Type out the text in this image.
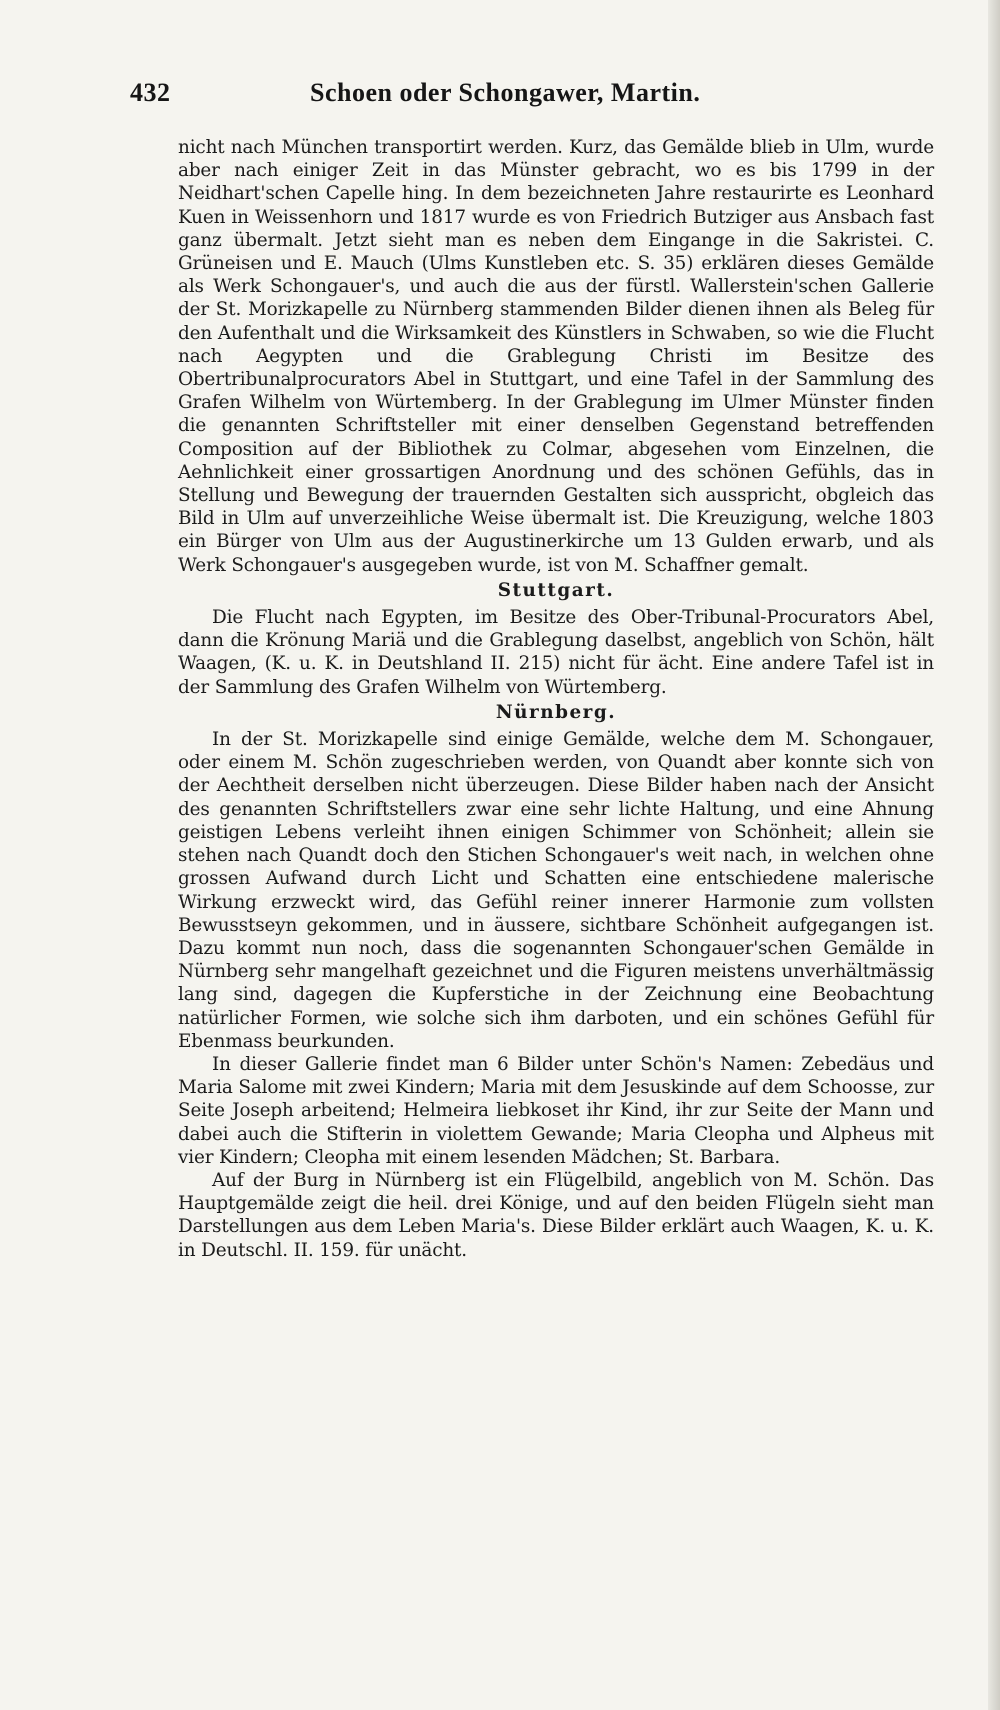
432	Schoen oder Schongawer, Martin.

nicht nach München transportirt werden. Kurz, das Gemälde blieb in Ulm, wurde aber nach einiger Zeit in das Münster gebracht, wo es bis 1799 in der Neidhart'schen Capelle hing. In dem bezeichneten Jahre restaurirte es Leonhard Kuen in Weissenhorn und 1817 wurde es von Friedrich Butziger aus Ansbach fast ganz übermalt. Jetzt sieht man es neben dem Eingange in die Sakristei. C. Grüneisen und E. Mauch (Ulms Kunstleben etc. S. 35) erklären dieses Gemälde als Werk Schongauer's, und auch die aus der fürstl. Wallerstein'schen Gallerie der St. Morizkapelle zu Nürnberg stammenden Bilder dienen ihnen als Beleg für den Aufenthalt und die Wirksamkeit des Künstlers in Schwaben, so wie die Flucht nach Aegypten und die Grablegung Christi im Besitze des Obertribunalprocurators Abel in Stuttgart, und eine Tafel in der Sammlung des Grafen Wilhelm von Würtemberg. In der Grablegung im Ulmer Münster finden die genannten Schriftsteller mit einer denselben Gegenstand betreffenden Composition auf der Bibliothek zu Colmar, abgesehen vom Einzelnen, die Aehnlichkeit einer grossartigen Anordnung und des schönen Gefühls, das in Stellung und Bewegung der trauernden Gestalten sich ausspricht, obgleich das Bild in Ulm auf unverzeihliche Weise übermalt ist. Die Kreuzigung, welche 1803 ein Bürger von Ulm aus der Augustinerkirche um 13 Gulden erwarb, und als Werk Schongauer's ausgegeben wurde, ist von M. Schaffner gemalt.

Stuttgart.

Die Flucht nach Egypten, im Besitze des Ober-Tribunal-Procurators Abel, dann die Krönung Mariä und die Grablegung daselbst, angeblich von Schön, hält Waagen, (K. u. K. in Deutshland II. 215) nicht für ächt. Eine andere Tafel ist in der Sammlung des Grafen Wilhelm von Würtemberg.

Nürnberg.

In der St. Morizkapelle sind einige Gemälde, welche dem M. Schongauer, oder einem M. Schön zugeschrieben werden, von Quandt aber konnte sich von der Aechtheit derselben nicht überzeugen. Diese Bilder haben nach der Ansicht des genannten Schriftstellers zwar eine sehr lichte Haltung, und eine Ahnung geistigen Lebens verleiht ihnen einigen Schimmer von Schönheit; allein sie stehen nach Quandt doch den Stichen Schongauer's weit nach, in welchen ohne grossen Aufwand durch Licht und Schatten eine entschiedene malerische Wirkung erzweckt wird, das Gefühl reiner innerer Harmonie zum vollsten Bewusstseyn gekommen, und in äussere, sichtbare Schönheit aufgegangen ist. Dazu kommt nun noch, dass die sogenannten Schongauer'schen Gemälde in Nürnberg sehr mangelhaft gezeichnet und die Figuren meistens unverhältmässig lang sind, dagegen die Kupferstiche in der Zeichnung eine Beobachtung natürlicher Formen, wie solche sich ihm darboten, und ein schönes Gefühl für Ebenmass beurkunden.

In dieser Gallerie findet man 6 Bilder unter Schön's Namen: Zebedäus und Maria Salome mit zwei Kindern; Maria mit dem Jesuskinde auf dem Schoosse, zur Seite Joseph arbeitend; Helmeira liebkoset ihr Kind, ihr zur Seite der Mann und dabei auch die Stifterin in violettem Gewande; Maria Cleopha und Alpheus mit vier Kindern; Cleopha mit einem lesenden Mädchen; St. Barbara.

Auf der Burg in Nürnberg ist ein Flügelbild, angeblich von M. Schön. Das Hauptgemälde zeigt die heil. drei Könige, und auf den beiden Flügeln sieht man Darstellungen aus dem Leben Maria's. Diese Bilder erklärt auch Waagen, K. u. K. in Deutschl. II. 159. für unächt.
